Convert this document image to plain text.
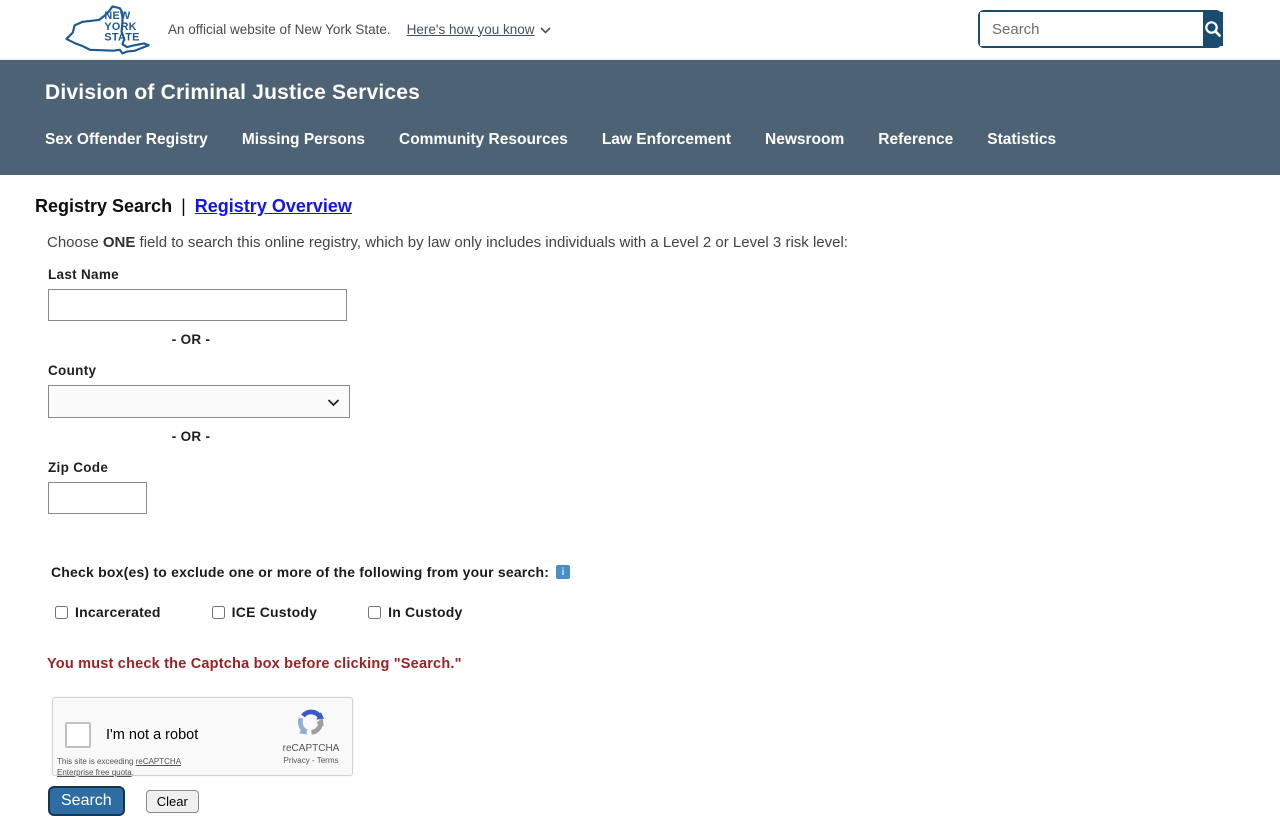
NEW
YORK
STATE
An official website of New York State. Here's how you know
Search
Division of Criminal Justice Services
Sex Offender Registry Missing Persons Community Resources Law Enforcement Newsroom Reference Statistics
Registry Search | Registry Overview

Choose ONE field to search this online registry, which by law only includes individuals with a Level 2 or Level 3 risk level:

Last Name
- OR -
County
- OR -
Zip Code
Check box(es) to exclude one or more of the following from your search:	i
Incarcerated	ICE Custody	In Custody
You must check the Captcha box before clicking "Search."
I'm not a robot
This site is exceeding reCAPTCHA
Enterprise free quota.
reCAPTCHA
Privacy - Terms
Search	Clear
